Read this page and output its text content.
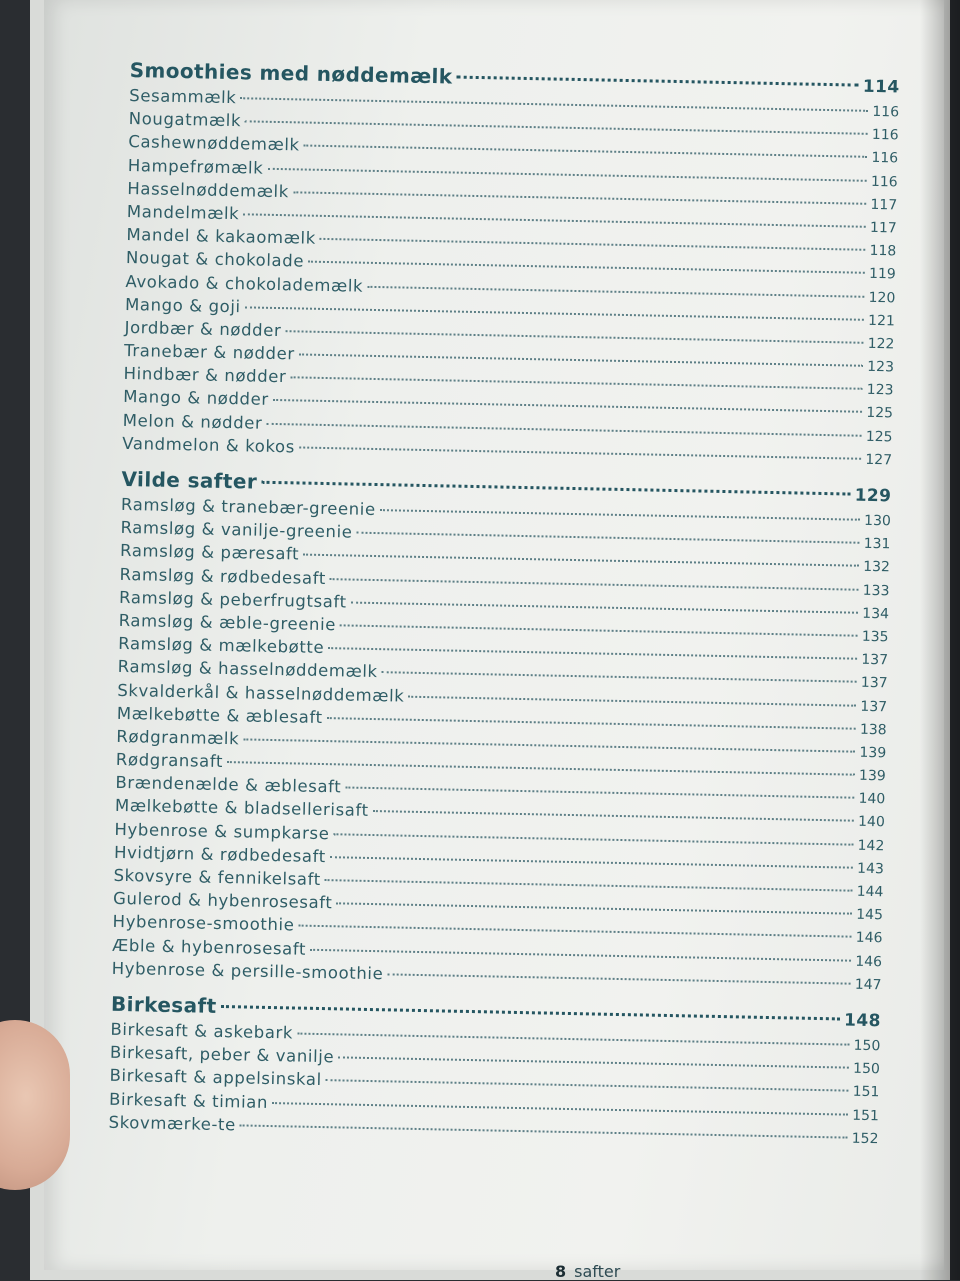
Smoothies med nøddemælk	114
Sesammælk
116
Nougatmælk
116
Cashewnøddemælk
116
Hampefrømælk
116
Hasselnøddemælk
117
Mandelmælk
117
Mandel & kakaomælk
118
Nougat & chokolade
119
Avokado & chokolademælk
120
Mango & goji
121
Jordbær & nødder
122
Tranebær & nødder
123
Hindbær & nødder
123
Mango & nødder
125
Melon & nødder
125
Vandmelon & kokos
127
Vilde safter
129
Ramsløg & tranebær-greenie
130
Ramsløg & vanilje-greenie
131
Ramsløg & pæresaft
132
Ramsløg & rødbedesaft
133
Ramsløg & peberfrugtsaft
134
Ramsløg & æble-greenie
135
Ramsløg & mælkebøtte
137
Ramsløg & hasselnøddemælk
137
Skvalderkål & hasselnøddemælk
137
Mælkebøtte & æblesaft
138
Rødgranmælk
139
Rødgransaft
139
Brændenælde & æblesaft
140
Mælkebøtte & bladsellerisaft
140
Hybenrose & sumpkarse
142
Hvidtjørn & rødbedesaft
143
Skovsyre & fennikelsaft
144
Gulerod & hybenrosesaft
145
Hybenrose-smoothie
146
Æble & hybenrosesaft
146
Hybenrose & persille-smoothie
147
Birkesaft
148
Birkesaft & askebark
150
Birkesaft, peber & vanilje
150
Birkesaft & appelsinskal
151
Birkesaft & timian
151
Skovmærke-te
152
8 safter
